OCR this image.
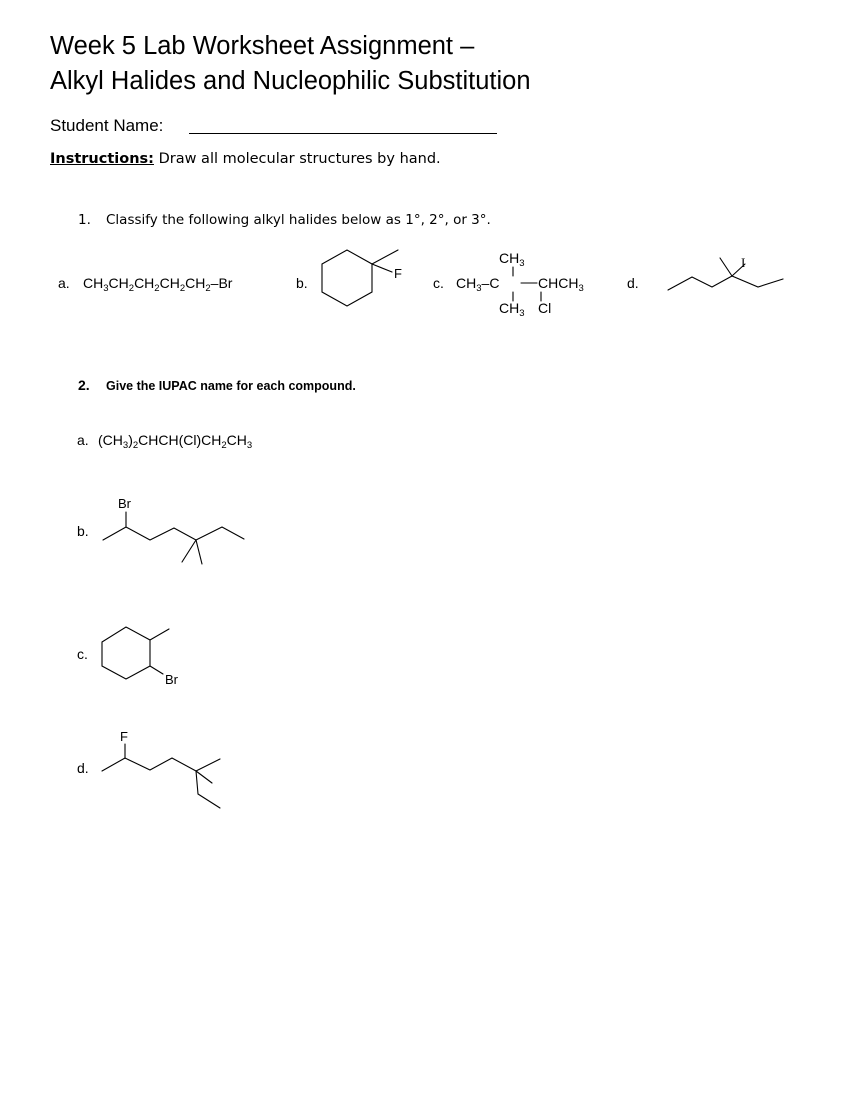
Week 5 Lab Worksheet Assignment –
Alkyl Halides and Nucleophilic Substitution
Student Name:
Instructions: Draw all molecular structures by hand.
1. Classify the following alkyl halides below as 1°, 2°, or 3°.
a. $CH_3CH_2CH_2CH_2CH_2-Br$	b.	c.	d.
$CH_3$
$CH_3-C$	$CHCH_3$
$CH_3$ Cl
2. Give the IUPAC name for each compound.
a. $(CH_3)_2CHCH(Cl)CH_2CH_3$
b.
c.
d.
F
I
Br
Br
F
